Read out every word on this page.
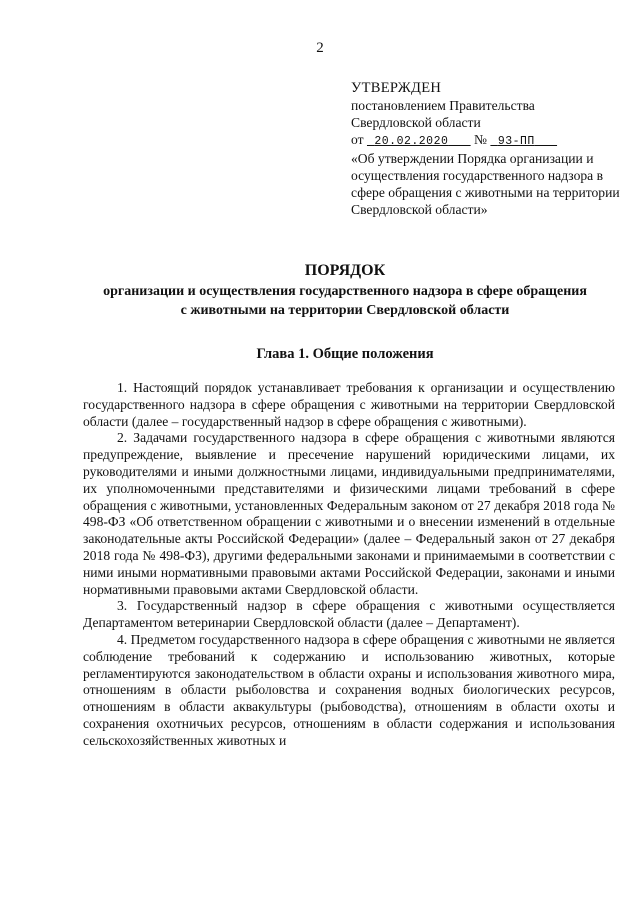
2
УТВЕРЖДЕН
постановлением Правительства
Свердловской области
от 20.02.2020 № 93-ПП
«Об утверждении Порядка организации и осуществления государственного надзора в сфере обращения с животными на территории Свердловской области»
ПОРЯДОК
организации и осуществления государственного надзора в сфере обращения с животными на территории Свердловской области
Глава 1. Общие положения

1. Настоящий порядок устанавливает требования к организации и осуществлению государственного надзора в сфере обращения с животными на территории Свердловской области (далее – государственный надзор в сфере обращения с животными).

2. Задачами государственного надзора в сфере обращения с животными являются предупреждение, выявление и пресечение нарушений юридическими лицами, их руководителями и иными должностными лицами, индивидуальными предпринимателями, их уполномоченными представителями и физическими лицами требований в сфере обращения с животными, установленных Федеральным законом от 27 декабря 2018 года № 498-ФЗ «Об ответственном обращении с животными и о внесении изменений в отдельные законодательные акты Российской Федерации» (далее – Федеральный закон от 27 декабря 2018 года № 498-ФЗ), другими федеральными законами и принимаемыми в соответствии с ними иными нормативными правовыми актами Российской Федерации, законами и иными нормативными правовыми актами Свердловской области.

3. Государственный надзор в сфере обращения с животными осуществляется Департаментом ветеринарии Свердловской области (далее – Департамент).

4. Предметом государственного надзора в сфере обращения с животными не является соблюдение требований к содержанию и использованию животных, которые регламентируются законодательством в области охраны и использования животного мира, отношениям в области рыболовства и сохранения водных биологических ресурсов, отношениям в области аквакультуры (рыбоводства), отношениям в области охоты и сохранения охотничьих ресурсов, отношениям в области содержания и использования сельскохозяйственных животных и
